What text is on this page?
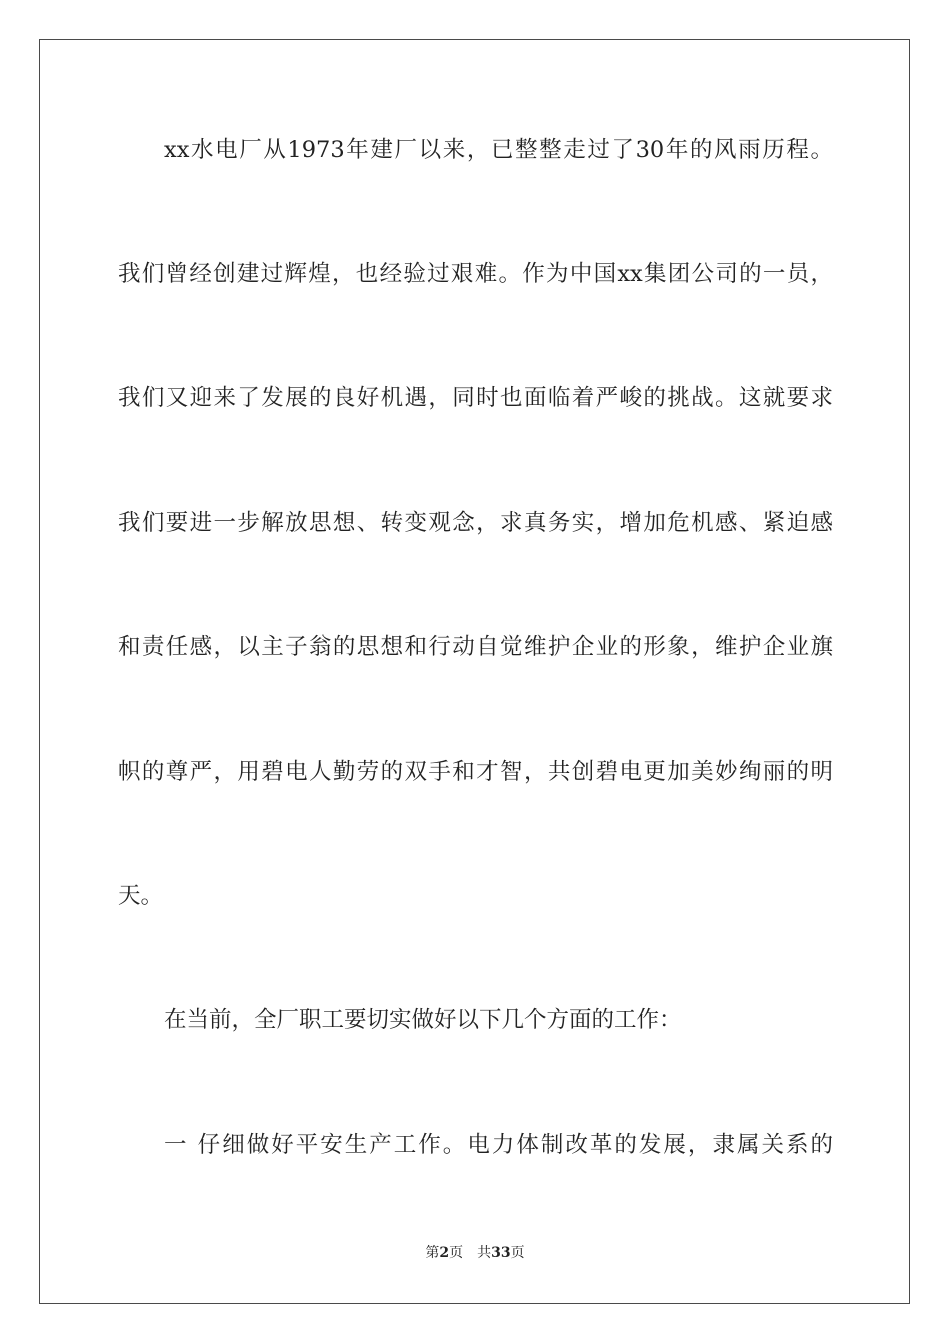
xx水电厂从1973年建厂以来，已整整走过了30年的风雨历程。
我们曾经创建过辉煌，也经验过艰难。作为中国xx集团公司的一员，
我们又迎来了发展的良好机遇，同时也面临着严峻的挑战。这就要求
我们要进一步解放思想、转变观念，求真务实，增加危机感、紧迫感
和责任感，以主子翁的思想和行动自觉维护企业的形象，维护企业旗
帜的尊严，用碧电人勤劳的双手和才智，共创碧电更加美妙绚丽的明
天。
在当前，全厂职工要切实做好以下几个方面的工作：
一 仔细做好平安生产工作。电力体制改革的发展，隶属关系的
第2页 共33页
